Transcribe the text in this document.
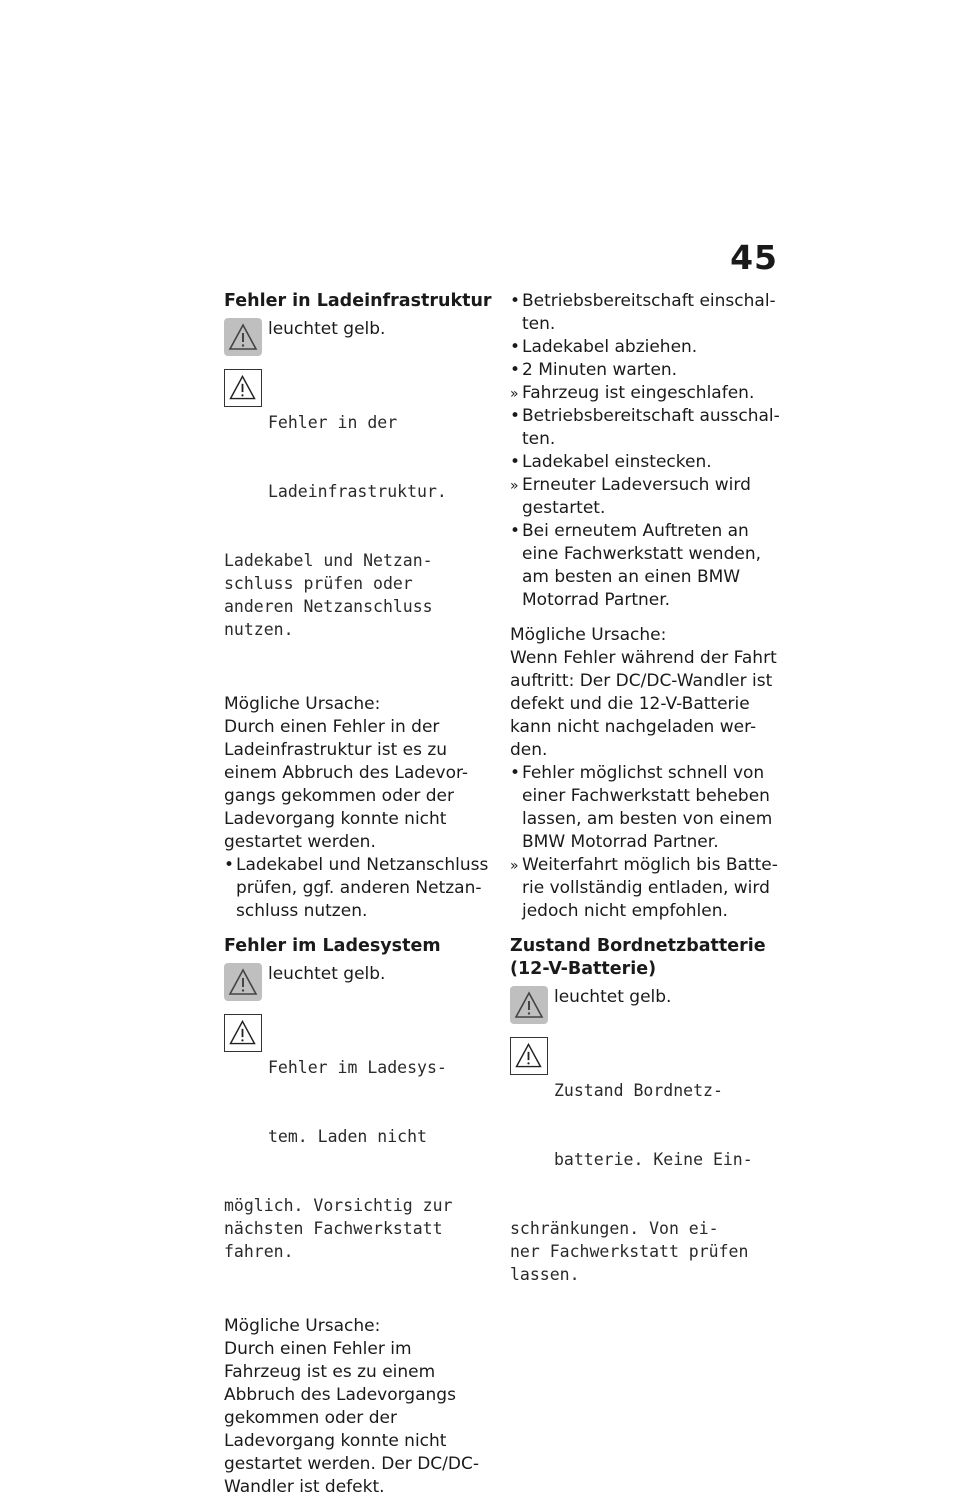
45
Fehler in Ladeinfrastruktur
leuchtet gelb.

Fehler in der

Ladeinfrastruktur.

Ladekabel und Netzan-
schluss prüfen oder
anderen Netzanschluss
nutzen.

Mögliche Ursache:
Durch einen Fehler in der Ladeinfrastruktur ist es zu einem Abbruch des Ladevor-gangs gekommen oder der Ladevorgang konnte nicht gestartet werden.
•
Ladekabel und Netzanschluss prüfen, ggf. anderen Netzan-schluss nutzen.
Fehler im Ladesystem
leuchtet gelb.

Fehler im Ladesys-

tem. Laden nicht

möglich. Vorsichtig zur
nächsten Fachwerkstatt
fahren.

Mögliche Ursache:
Durch einen Fehler im Fahrzeug ist es zu einem Abbruch des Ladevorgangs gekommen oder der Ladevorgang konnte nicht gestartet werden. Der DC/DC-Wandler ist defekt.
•
Betriebsbereitschaft einschal-ten.
•
Ladekabel abziehen.
•
2 Minuten warten.
»
Fahrzeug ist eingeschlafen.
•
Betriebsbereitschaft ausschal-ten.
•
Ladekabel einstecken.
»
Erneuter Ladeversuch wird gestartet.
•
Bei erneutem Auftreten an eine Fachwerkstatt wenden, am besten an einen BMW Motorrad Partner.
Mögliche Ursache:
Wenn Fehler während der Fahrt auftritt: Der DC/DC-Wandler ist defekt und die 12-V-Batterie kann nicht nachgeladen wer-den.
•
Fehler möglichst schnell von einer Fachwerkstatt beheben lassen, am besten von einem BMW Motorrad Partner.
»
Weiterfahrt möglich bis Batte-rie vollständig entladen, wird jedoch nicht empfohlen.
Zustand Bordnetzbatterie (12-V-Batterie)
leuchtet gelb.

Zustand Bordnetz-

batterie. Keine Ein-

schränkungen. Von ei-
ner Fachwerkstatt prüfen
lassen.
